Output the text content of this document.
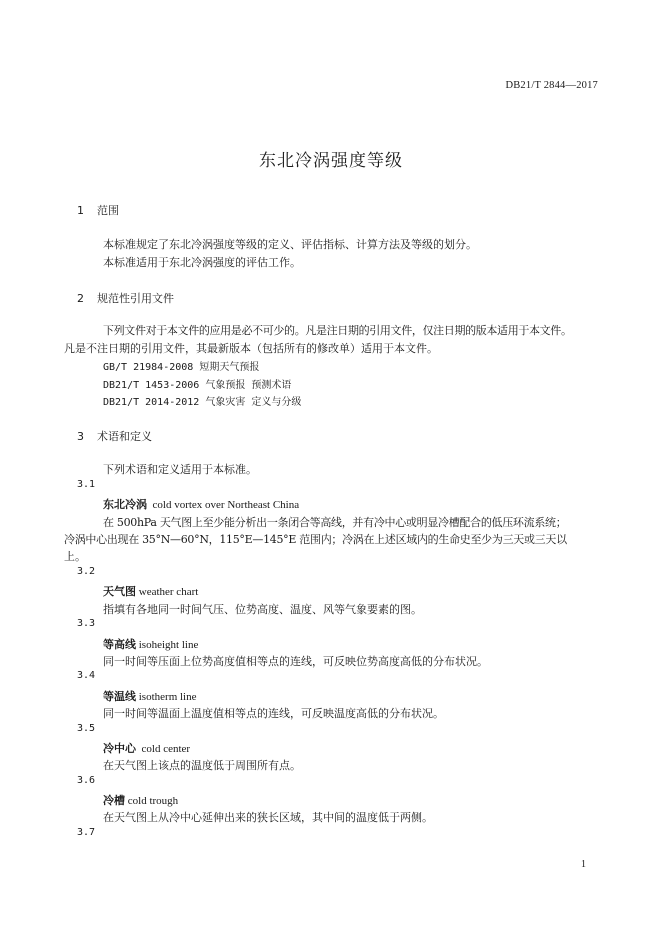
DB21/T 2844—2017
东北冷涡强度等级
1 范围
本标准规定了东北冷涡强度等级的定义、评估指标、计算方法及等级的划分。
本标准适用于东北冷涡强度的评估工作。
2 规范性引用文件
下列文件对于本文件的应用是必不可少的。凡是注日期的引用文件，仅注日期的版本适用于本文件。
凡是不注日期的引用文件，其最新版本（包括所有的修改单）适用于本文件。
GB/T 21984-2008 短期天气预报
DB21/T 1453-2006 气象预报 预测术语
DB21/T 2014-2012 气象灾害 定义与分级
3 术语和定义
下列术语和定义适用于本标准。
3.1
东北冷涡  cold vortex over Northeast China
在 500hPa 天气图上至少能分析出一条闭合等高线，并有冷中心或明显冷槽配合的低压环流系统；
冷涡中心出现在 35°N—60°N，115°E—145°E 范围内；冷涡在上述区域内的生命史至少为三天或三天以
上。
3.2
天气图 weather chart
指填有各地同一时间气压、位势高度、温度、风等气象要素的图。
3.3
等高线 isoheight line
同一时间等压面上位势高度值相等点的连线，可反映位势高度高低的分布状况。
3.4
等温线 isotherm line
同一时间等温面上温度值相等点的连线，可反映温度高低的分布状况。
3.5
冷中心  cold center
在天气图上该点的温度低于周围所有点。
3.6
冷槽 cold trough
在天气图上从冷中心延伸出来的狭长区域，其中间的温度低于两侧。
3.7
1
